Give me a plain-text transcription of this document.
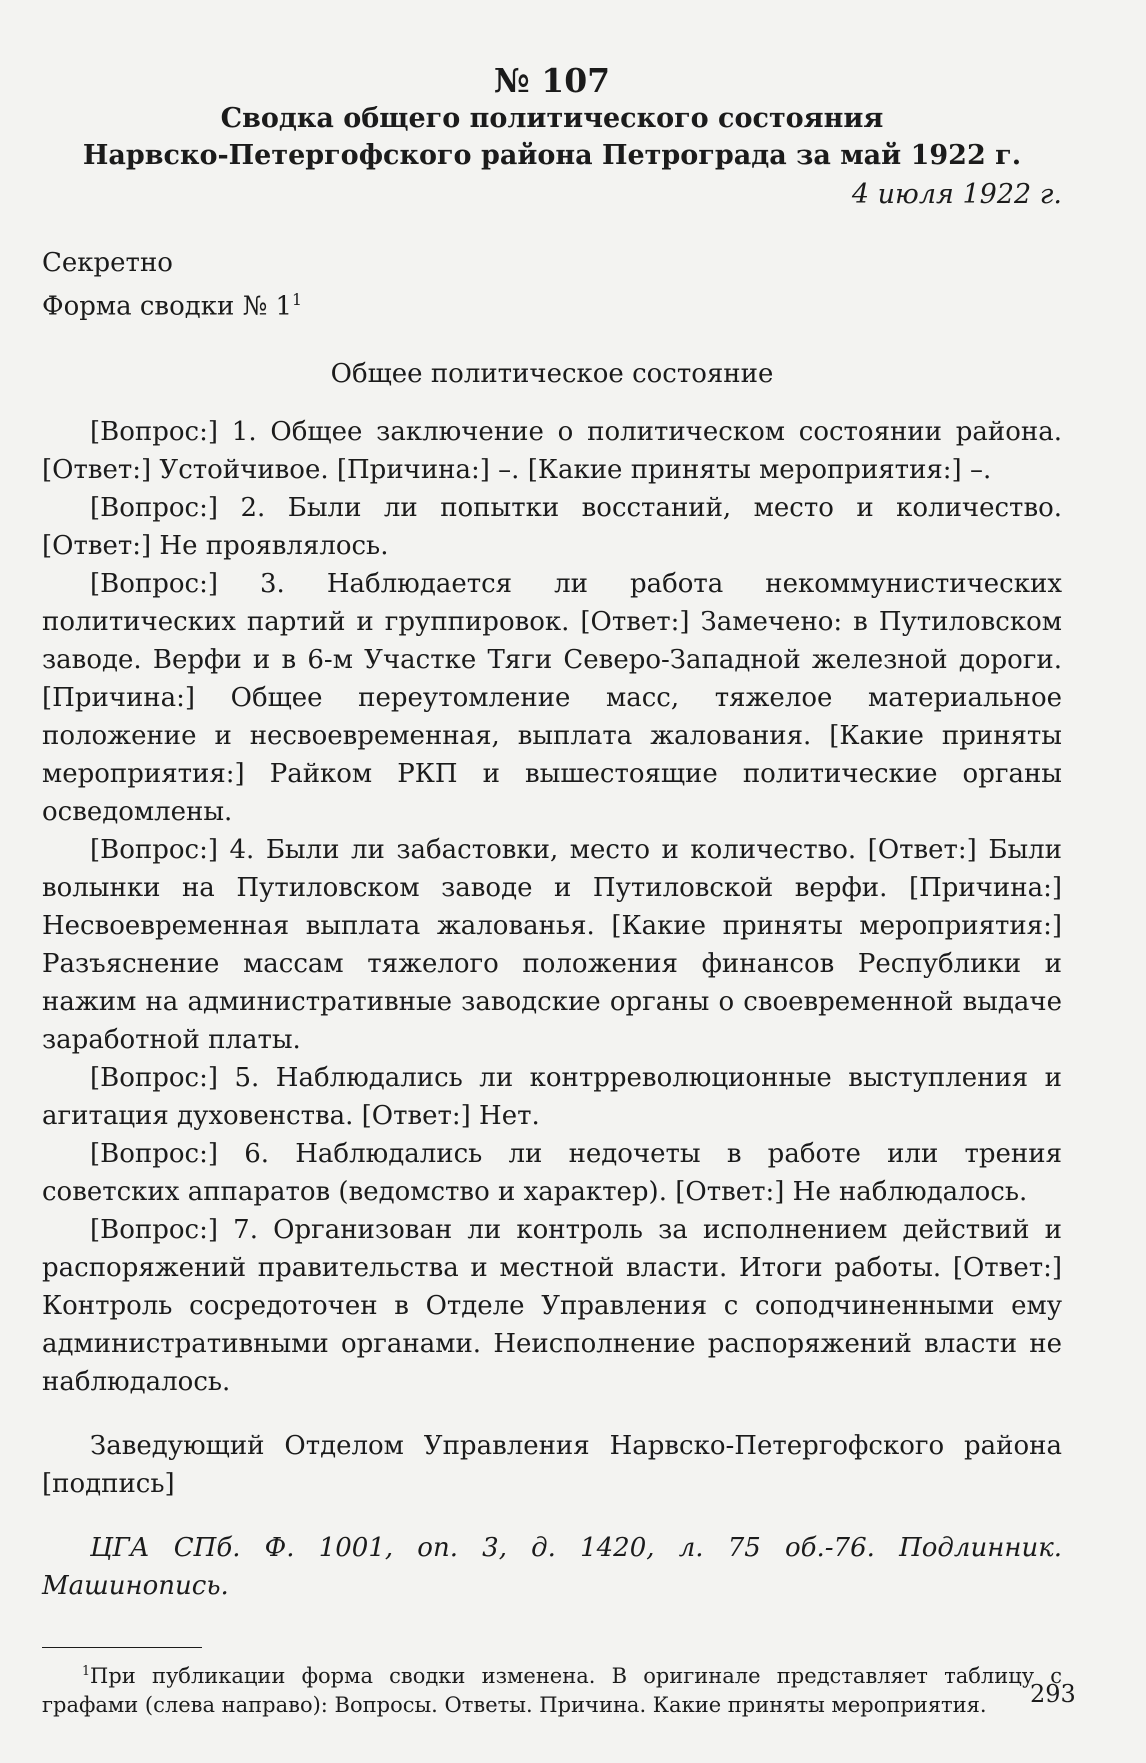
№ 107
Сводка общего политического состояния
Нарвско-Петергофского района Петрограда за май 1922 г.
4 июля 1922 г.
Секретно
Форма сводки № $1^1$
Общее политическое состояние

[Вопрос:] 1. Общее заключение о политическом состоянии района. [Ответ:] Устойчивое. [Причина:] –. [Какие приняты мероприятия:] –.

[Вопрос:] 2. Были ли попытки восстаний, место и количество. [Ответ:] Не проявлялось.

[Вопрос:] 3. Наблюдается ли работа некоммунистических политических партий и группировок. [Ответ:] Замечено: в Путиловском заводе. Верфи и в 6-м Участке Тяги Северо-Западной железной дороги. [Причина:] Общее переутомление масс, тяжелое материальное положение и несвоевременная, выплата жалования. [Какие приняты мероприятия:] Райком РКП и вышестоящие политические органы осведомлены.

[Вопрос:] 4. Были ли забастовки, место и количество. [Ответ:] Были волынки на Путиловском заводе и Путиловской верфи. [Причина:] Несвоевременная выплата жалованья. [Какие приняты мероприятия:] Разъяснение массам тяжелого положения финансов Республики и нажим на административные заводские органы о своевременной выдаче заработной платы.

[Вопрос:] 5. Наблюдались ли контрреволюционные выступления и агитация духовенства. [Ответ:] Нет.

[Вопрос:] 6. Наблюдались ли недочеты в работе или трения советских аппаратов (ведомство и характер). [Ответ:] Не наблюдалось.

[Вопрос:] 7. Организован ли контроль за исполнением действий и распоряжений правительства и местной власти. Итоги работы. [Ответ:] Контроль сосредоточен в Отделе Управления с соподчиненными ему административными органами. Неисполнение распоряжений власти не наблюдалось.

Заведующий Отделом Управления Нарвско-Петергофского района [подпись]
ЦГА СПб. Ф. 1001, оп. 3, д. 1420, л. 75 об.-76. Подлинник. Машинопись.
$^1$При публикации форма сводки изменена. В оригинале представляет таблицу с графами (слева направо): Вопросы. Ответы. Причина. Какие приняты мероприятия.	293
